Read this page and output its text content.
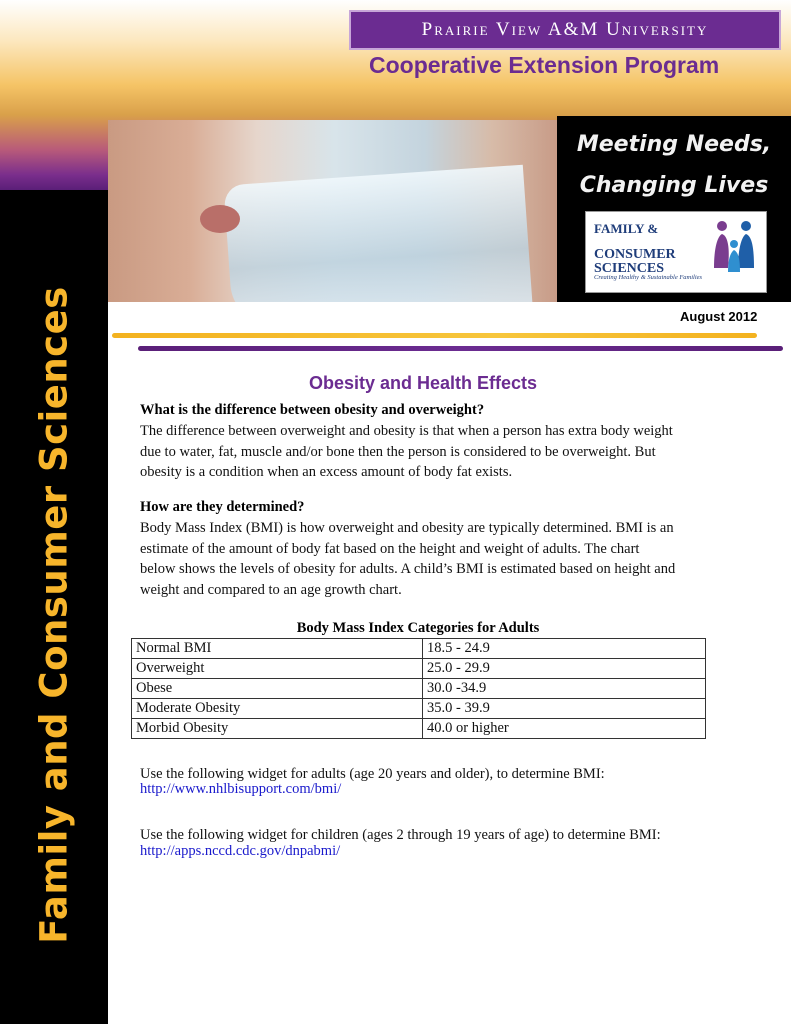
Family and Consumer Sciences
Prairie View A&M University
Cooperative Extension Program
Meeting Needs,
Changing Lives
FAMILY &
CONSUMER
SCIENCES
Creating Healthy & Sustainable Families
August 2012
Obesity and Health Effects
What is the difference between obesity and overweight?
The difference between overweight and obesity is that when a person has extra body weight
due to water, fat, muscle and/or bone then the person is considered to be overweight. But
obesity is a condition when an excess amount of body fat exists.
How are they determined?
Body Mass Index (BMI) is how overweight and obesity are typically determined. BMI is an
estimate of the amount of body fat based on the height and weight of adults. The chart
below shows the levels of obesity for adults. A child’s BMI is estimated based on height and
weight and compared to an age growth chart.
Body Mass Index Categories for Adults
Normal BMI	18.5 - 24.9
Overweight	25.0 - 29.9
Obese	30.0 -34.9
Moderate Obesity	35.0 - 39.9
Morbid Obesity	40.0 or higher
Use the following widget for adults (age 20 years and older), to determine BMI:
http://www.nhlbisupport.com/bmi/
Use the following widget for children (ages 2 through 19 years of age) to determine BMI:
http://apps.nccd.cdc.gov/dnpabmi/
